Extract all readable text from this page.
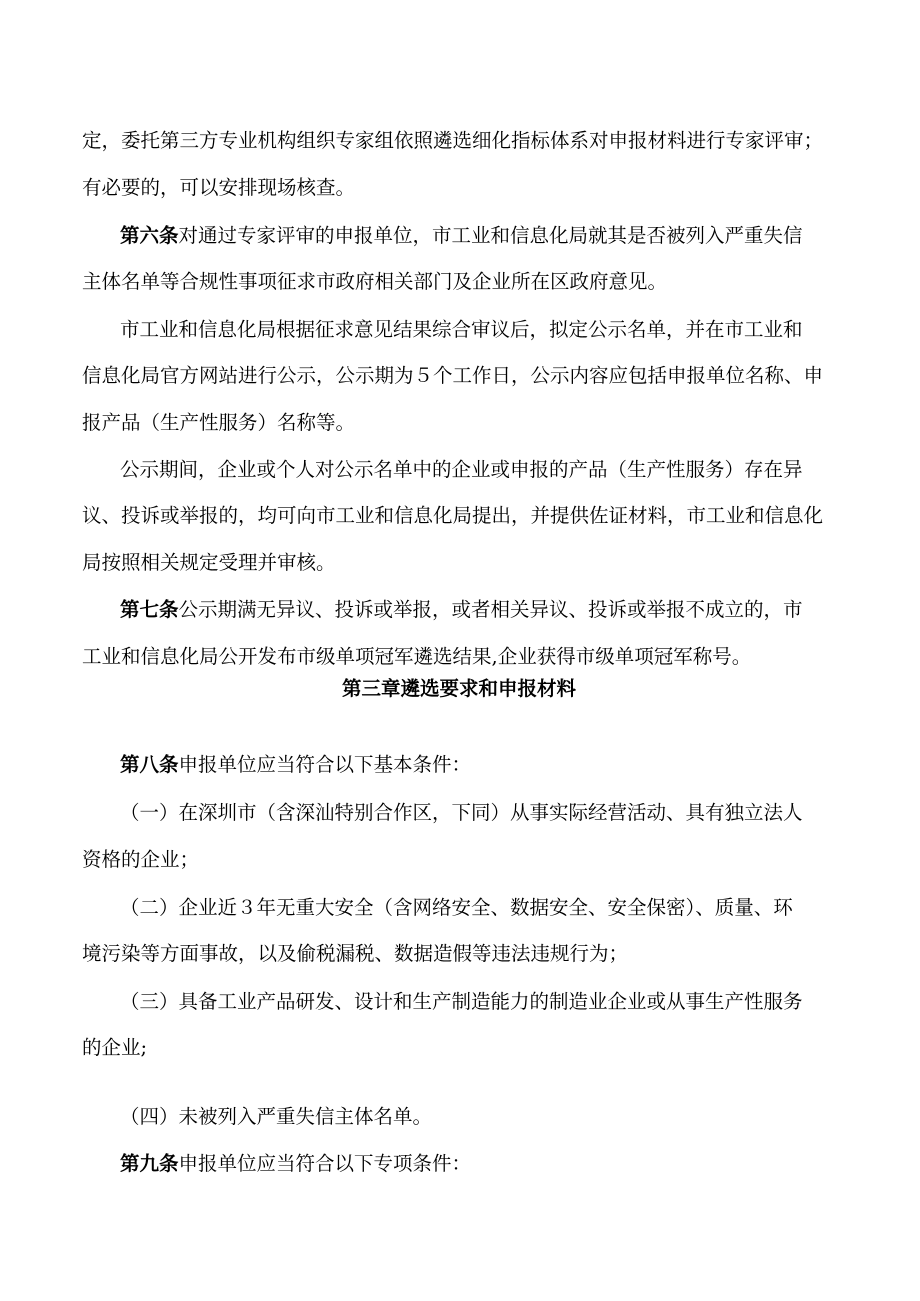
定，委托第三方专业机构组织专家组依照遴选细化指标体系对申报材料进行专家评审；

有必要的，可以安排现场核查。

第六条对通过专家评审的申报单位，市工业和信息化局就其是否被列入严重失信

主体名单等合规性事项征求市政府相关部门及企业所在区政府意见。

市工业和信息化局根据征求意见结果综合审议后，拟定公示名单，并在市工业和

信息化局官方网站进行公示，公示期为５个工作日，公示内容应包括申报单位名称、申

报产品（生产性服务）名称等。

公示期间，企业或个人对公示名单中的企业或申报的产品（生产性服务）存在异

议、投诉或举报的，均可向市工业和信息化局提出，并提供佐证材料，市工业和信息化

局按照相关规定受理并审核。

第七条公示期满无异议、投诉或举报，或者相关异议、投诉或举报不成立的，市

工业和信息化局公开发布市级单项冠军遴选结果,企业获得市级单项冠军称号。

第三章遴选要求和申报材料

第八条申报单位应当符合以下基本条件：

（一）在深圳市（含深汕特别合作区，下同）从事实际经营活动、具有独立法人

资格的企业；

（二）企业近３年无重大安全（含网络安全、数据安全、安全保密）、质量、环

境污染等方面事故，以及偷税漏税、数据造假等违法违规行为；

（三）具备工业产品研发、设计和生产制造能力的制造业企业或从事生产性服务

的企业;

（四）未被列入严重失信主体名单。

第九条申报单位应当符合以下专项条件：
